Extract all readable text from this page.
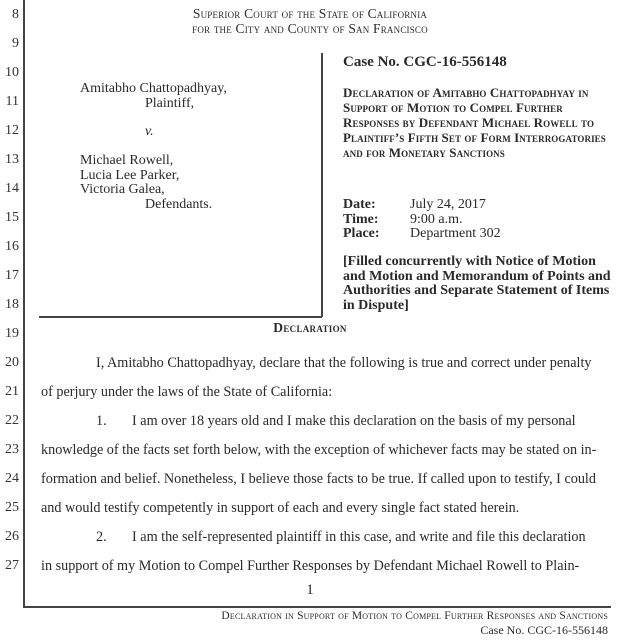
8
9
10
11
12
13
14
15
16
17
18
19
20
21
22
23
24
25
26
27
Superior Court of the State of California
for the City and County of San Francisco
Amitabho Chattopadhyay,
Plaintiff,
v.
Michael Rowell,
Lucia Lee Parker,
Victoria Galea,
Defendants.
Case No. CGC-16-556148
Declaration of Amitabho Chattopadhyay in Support of Motion to Compel Further Responses by Defendant Michael Rowell to Plaintiff’s Fifth Set of Form Interrogatories and for Monetary Sanctions
Date: July 24, 2017
Time: 9:00 a.m.
Place: Department 302
[Filled concurrently with Notice of Motion and Motion and Memorandum of Points and Authorities and Separate Statement of Items in Dispute]
Declaration
I, Amitabho Chattopadhyay, declare that the following is true and correct under penalty
of perjury under the laws of the State of California:
1. I am over 18 years old and I make this declaration on the basis of my personal
knowledge of the facts set forth below, with the exception of whichever facts may be stated on in-
formation and belief. Nonetheless, I believe those facts to be true. If called upon to testify, I could
and would testify competently in support of each and every single fact stated herein.
2. I am the self-represented plaintiff in this case, and write and file this declaration
in support of my Motion to Compel Further Responses by Defendant Michael Rowell to Plain-
1
Declaration in Support of Motion to Compel Further Responses and Sanctions
Case No. CGC-16-556148
